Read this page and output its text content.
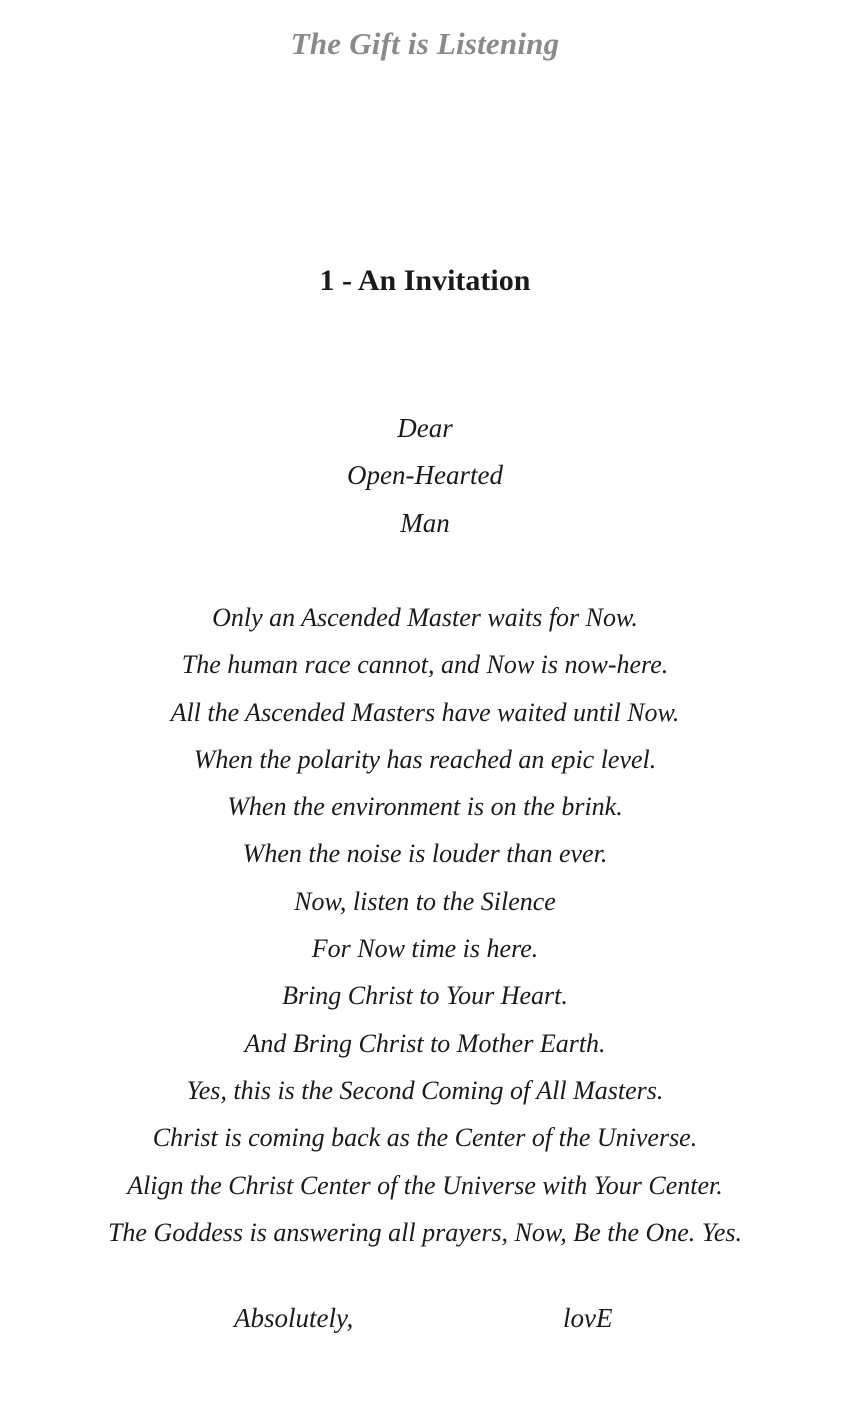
The Gift is Listening
1 - An Invitation
Dear
Open-Hearted
Man
Only an Ascended Master waits for Now.
The human race cannot, and Now is now-here.
All the Ascended Masters have waited until Now.
When the polarity has reached an epic level.
When the environment is on the brink.
When the noise is louder than ever.
Now, listen to the Silence
For Now time is here.
Bring Christ to Your Heart.
And Bring Christ to Mother Earth.
Yes, this is the Second Coming of All Masters.
Christ is coming back as the Center of the Universe.
Align the Christ Center of the Universe with Your Center.
The Goddess is answering all prayers, Now, Be the One. Yes.
Absolutely,	lovE
